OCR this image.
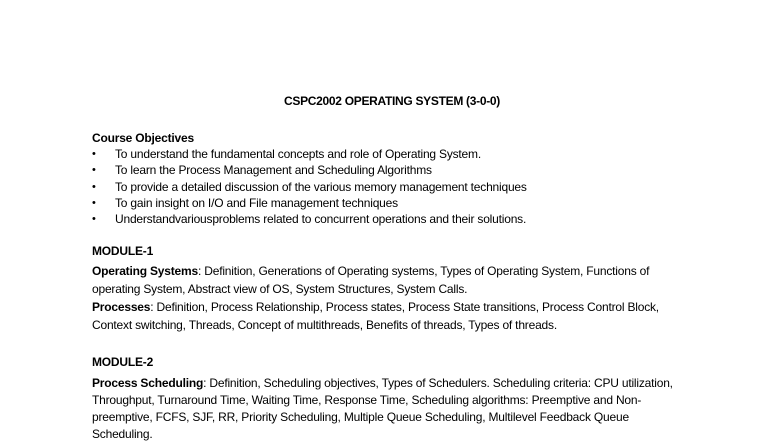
CSPC2002 OPERATING SYSTEM (3-0-0)
Course Objectives
• To understand the fundamental concepts and role of Operating System.
• To learn the Process Management and Scheduling Algorithms
• To provide a detailed discussion of the various memory management techniques
• To gain insight on I/O and File management techniques
• Understandvariousproblems related to concurrent operations and their solutions.
MODULE-1

Operating Systems: Definition, Generations of Operating systems, Types of Operating System, Functions of

operating System, Abstract view of OS, System Structures, System Calls.

Processes: Definition, Process Relationship, Process states, Process State transitions, Process Control Block,

Context switching, Threads, Concept of multithreads, Benefits of threads, Types of threads.

MODULE-2

Process Scheduling: Definition, Scheduling objectives, Types of Schedulers. Scheduling criteria: CPU utilization,

Throughput, Turnaround Time, Waiting Time, Response Time, Scheduling algorithms: Preemptive and Non-

preemptive, FCFS, SJF, RR, Priority Scheduling, Multiple Queue Scheduling, Multilevel Feedback Queue

Scheduling.
